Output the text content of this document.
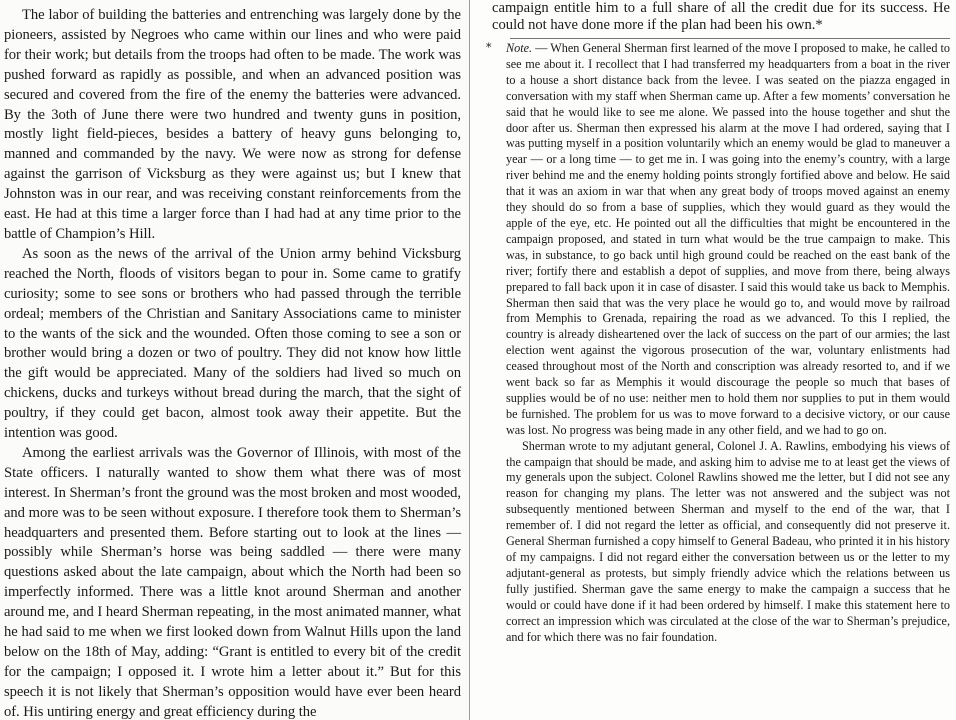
The labor of building the batteries and entrenching was largely done by the pioneers, assisted by Negroes who came within our lines and who were paid for their work; but details from the troops had often to be made. The work was pushed forward as rapidly as possible, and when an advanced position was secured and covered from the fire of the enemy the batteries were advanced. By the 3oth of June there were two hundred and twenty guns in position, mostly light field-pieces, besides a battery of heavy guns belonging to, manned and commanded by the navy. We were now as strong for defense against the garrison of Vicksburg as they were against us; but I knew that Johnston was in our rear, and was receiving constant reinforcements from the east. He had at this time a larger force than I had had at any time prior to the battle of Champion’s Hill.

As soon as the news of the arrival of the Union army behind Vicksburg reached the North, floods of visitors began to pour in. Some came to gratify curiosity; some to see sons or brothers who had passed through the terrible ordeal; members of the Christian and Sanitary Associations came to minister to the wants of the sick and the wounded. Often those coming to see a son or brother would bring a dozen or two of poultry. They did not know how little the gift would be appreciated. Many of the soldiers had lived so much on chickens, ducks and turkeys without bread during the march, that the sight of poultry, if they could get bacon, almost took away their appetite. But the intention was good.

Among the earliest arrivals was the Governor of Illinois, with most of the State officers. I naturally wanted to show them what there was of most interest. In Sherman’s front the ground was the most broken and most wooded, and more was to be seen without exposure. I therefore took them to Sherman’s headquarters and presented them. Before starting out to look at the lines — possibly while Sherman’s horse was being saddled — there were many questions asked about the late campaign, about which the North had been so imperfectly informed. There was a little knot around Sherman and another around me, and I heard Sherman repeating, in the most animated manner, what he had said to me when we first looked down from Walnut Hills upon the land below on the 18th of May, adding: “Grant is entitled to every bit of the credit for the campaign; I opposed it. I wrote him a letter about it.” But for this speech it is not likely that Sherman’s opposition would have ever been heard of. His untiring energy and great efficiency during the

campaign entitle him to a full share of all the credit due for its success. He could not have done more if the plan had been his own.*

* Note. — When General Sherman first learned of the move I proposed to make, he called to see me about it. I recollect that I had transferred my headquarters from a boat in the river to a house a short distance back from the levee. I was seated on the piazza engaged in conversation with my staff when Sherman came up. After a few moments’ conversation he said that he would like to see me alone. We passed into the house together and shut the door after us. Sherman then expressed his alarm at the move I had ordered, saying that I was putting myself in a position voluntarily which an enemy would be glad to maneuver a year — or a long time — to get me in. I was going into the enemy’s country, with a large river behind me and the enemy holding points strongly fortified above and below. He said that it was an axiom in war that when any great body of troops moved against an enemy they should do so from a base of supplies, which they would guard as they would the apple of the eye, etc. He pointed out all the difficulties that might be encountered in the campaign proposed, and stated in turn what would be the true campaign to make. This was, in substance, to go back until high ground could be reached on the east bank of the river; fortify there and establish a depot of supplies, and move from there, being always prepared to fall back upon it in case of disaster. I said this would take us back to Memphis. Sherman then said that was the very place he would go to, and would move by railroad from Memphis to Grenada, repairing the road as we advanced. To this I replied, the country is already disheartened over the lack of success on the part of our armies; the last election went against the vigorous prosecution of the war, voluntary enlistments had ceased throughout most of the North and conscription was already resorted to, and if we went back so far as Memphis it would discourage the people so much that bases of supplies would be of no use: neither men to hold them nor supplies to put in them would be furnished. The problem for us was to move forward to a decisive victory, or our cause was lost. No progress was being made in any other field, and we had to go on.

Sherman wrote to my adjutant general, Colonel J. A. Rawlins, embodying his views of the campaign that should be made, and asking him to advise me to at least get the views of my generals upon the subject. Colonel Rawlins showed me the letter, but I did not see any reason for changing my plans. The letter was not answered and the subject was not subsequently mentioned between Sherman and myself to the end of the war, that I remember of. I did not regard the letter as official, and consequently did not preserve it. General Sherman furnished a copy himself to General Badeau, who printed it in his history of my campaigns. I did not regard either the conversation between us or the letter to my adjutant-general as protests, but simply friendly advice which the relations between us fully justified. Sherman gave the same energy to make the campaign a success that he would or could have done if it had been ordered by himself. I make this statement here to correct an impression which was circulated at the close of the war to Sherman’s prejudice, and for which there was no fair foundation.
